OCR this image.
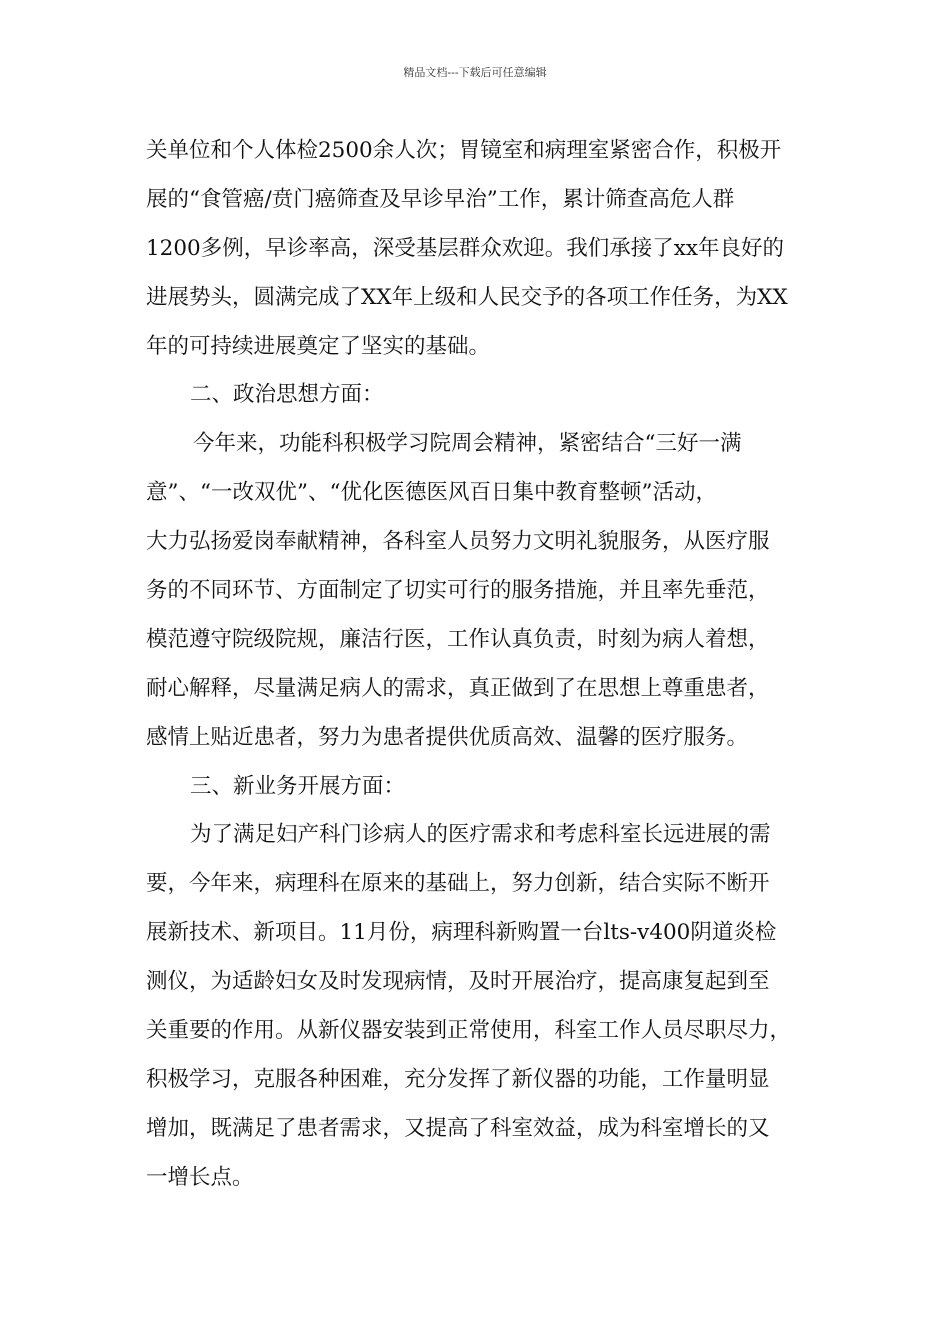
精品文档---下载后可任意编辑
关单位和个人体检2500余人次；胃镜室和病理室紧密合作，积极开
展的“食管癌/贲门癌筛查及早诊早治”工作，累计筛查高危人群
1200多例，早诊率高，深受基层群众欢迎。我们承接了xx年良好的
进展势头，圆满完成了XX年上级和人民交予的各项工作任务，为XX
年的可持续进展奠定了坚实的基础。
二、政治思想方面：
今年来，功能科积极学习院周会精神，紧密结合“三好一满
意”、“一改双优”、“优化医德医风百日集中教育整顿”活动，
大力弘扬爱岗奉献精神，各科室人员努力文明礼貌服务，从医疗服
务的不同环节、方面制定了切实可行的服务措施，并且率先垂范，
模范遵守院级院规，廉洁行医，工作认真负责，时刻为病人着想，
耐心解释，尽量满足病人的需求，真正做到了在思想上尊重患者，
感情上贴近患者，努力为患者提供优质高效、温馨的医疗服务。
三、新业务开展方面：
为了满足妇产科门诊病人的医疗需求和考虑科室长远进展的需
要，今年来，病理科在原来的基础上，努力创新，结合实际不断开
展新技术、新项目。11月份，病理科新购置一台lts-v400阴道炎检
测仪，为适龄妇女及时发现病情，及时开展治疗，提高康复起到至
关重要的作用。从新仪器安装到正常使用，科室工作人员尽职尽力，
积极学习，克服各种困难，充分发挥了新仪器的功能，工作量明显
增加，既满足了患者需求，又提高了科室效益，成为科室增长的又
一增长点。
